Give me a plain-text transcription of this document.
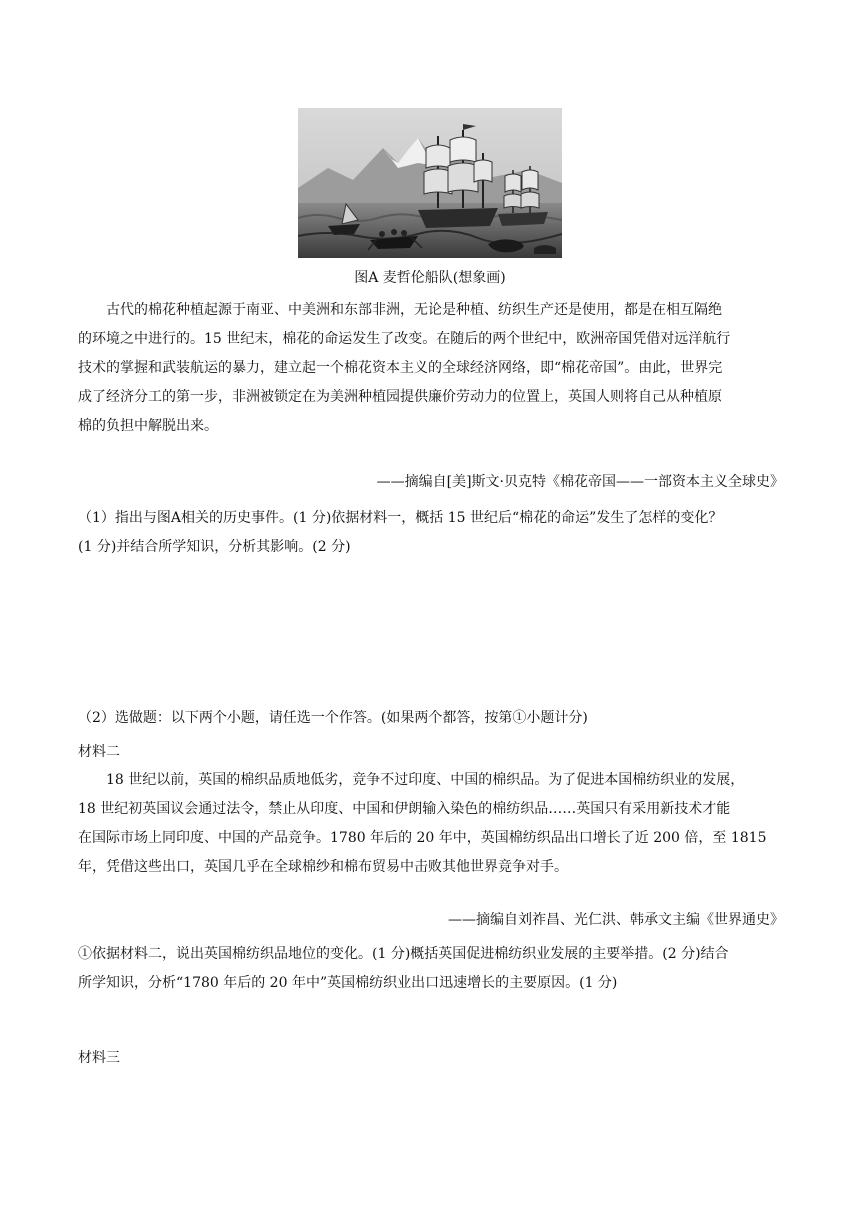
图A 麦哲伦船队(想象画)
古代的棉花种植起源于南亚、中美洲和东部非洲，无论是种植、纺织生产还是使用，都是在相互隔绝
的环境之中进行的。15 世纪末，棉花的命运发生了改变。在随后的两个世纪中，欧洲帝国凭借对远洋航行
技术的掌握和武装航运的暴力，建立起一个棉花资本主义的全球经济网络，即“棉花帝国”。由此，世界完
成了经济分工的第一步，非洲被锁定在为美洲种植园提供廉价劳动力的位置上，英国人则将自己从种植原
棉的负担中解脱出来。
——摘编自[美]斯文·贝克特《棉花帝国——一部资本主义全球史》
（1）指出与图A相关的历史事件。(1 分)依据材料一，概括 15 世纪后“棉花的命运”发生了怎样的变化？
(1 分)并结合所学知识，分析其影响。(2 分)
（2）选做题：以下两个小题，请任选一个作答。(如果两个都答，按第①小题计分)
材料二
18 世纪以前，英国的棉织品质地低劣，竞争不过印度、中国的棉织品。为了促进本国棉纺织业的发展，
18 世纪初英国议会通过法令，禁止从印度、中国和伊朗输入染色的棉纺织品……英国只有采用新技术才能
在国际市场上同印度、中国的产品竞争。1780 年后的 20 年中，英国棉纺织品出口增长了近 200 倍，至 1815
年，凭借这些出口，英国几乎在全球棉纱和棉布贸易中击败其他世界竞争对手。
——摘编自刘祚昌、光仁洪、韩承文主编《世界通史》
①依据材料二，说出英国棉纺织品地位的变化。(1 分)概括英国促进棉纺织业发展的主要举措。(2 分)结合
所学知识，分析“1780 年后的 20 年中”英国棉纺织业出口迅速增长的主要原因。(1 分)
材料三
